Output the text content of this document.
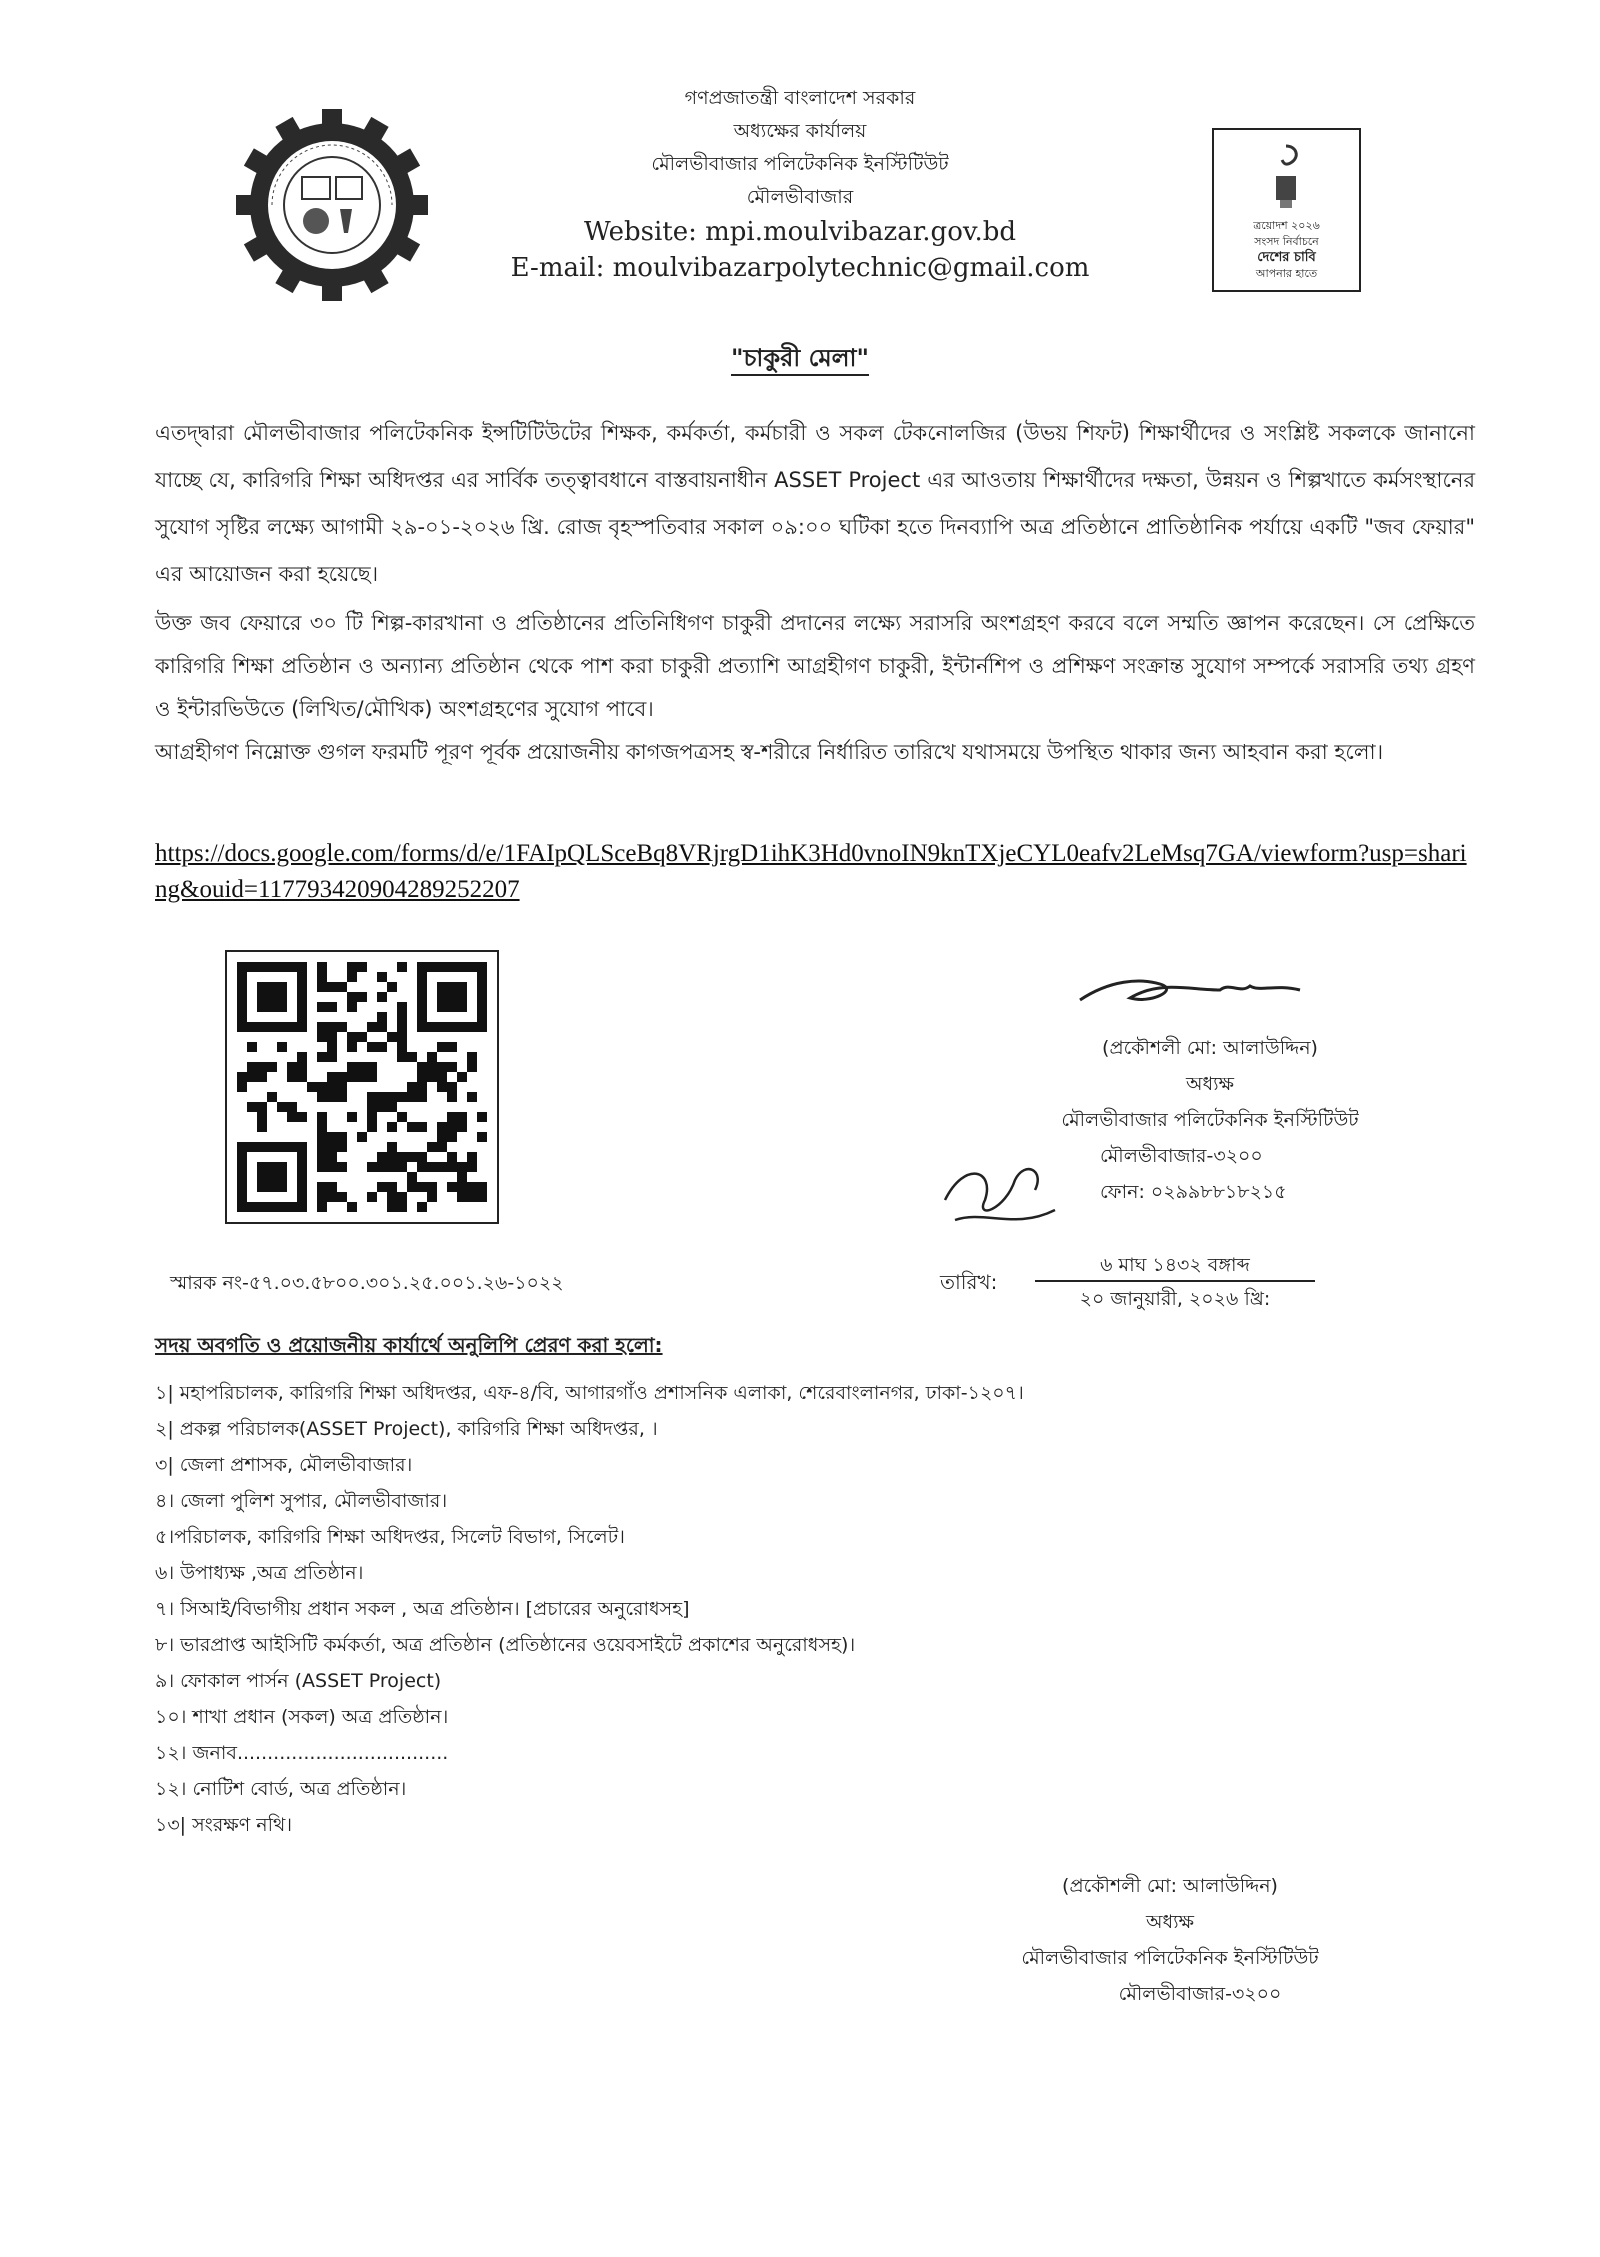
গণপ্রজাতন্ত্রী বাংলাদেশ সরকার
অধ্যক্ষের কার্যালয়
মৌলভীবাজার পলিটেকনিক ইনস্টিটিউট
মৌলভীবাজার
Website: mpi.moulvibazar.gov.bd
E-mail: moulvibazarpolytechnic@gmail.com
ত্রয়োদশ ২০২৬
সংসদ নির্বাচনে
দেশের চাবি
আপনার হাতে
"চাকুরী মেলা"
এতদ্দ্বারা মৌলভীবাজার পলিটেকনিক ইন্সটিটিউটের শিক্ষক, কর্মকর্তা, কর্মচারী ও সকল টেকনোলজির (উভয় শিফট) শিক্ষার্থীদের ও সংশ্লিষ্ট সকলকে জানানো যাচ্ছে যে, কারিগরি শিক্ষা অধিদপ্তর এর সার্বিক তত্ত্বাবধানে বাস্তবায়নাধীন ASSET Project এর আওতায় শিক্ষার্থীদের দক্ষতা, উন্নয়ন ও শিল্পখাতে কর্মসংস্থানের সুযোগ সৃষ্টির লক্ষ্যে আগামী ২৯-০১-২০২৬ খ্রি. রোজ বৃহস্পতিবার সকাল ০৯:০০ ঘটিকা হতে দিনব্যাপি অত্র প্রতিষ্ঠানে প্রাতিষ্ঠানিক পর্যায়ে একটি "জব ফেয়ার" এর আয়োজন করা হয়েছে।
উক্ত জব ফেয়ারে ৩০ টি শিল্প-কারখানা ও প্রতিষ্ঠানের প্রতিনিধিগণ চাকুরী প্রদানের লক্ষ্যে সরাসরি অংশগ্রহণ করবে বলে সম্মতি জ্ঞাপন করেছেন। সে প্রেক্ষিতে কারিগরি শিক্ষা প্রতিষ্ঠান ও অন্যান্য প্রতিষ্ঠান থেকে পাশ করা চাকুরী প্রত্যাশি আগ্রহীগণ চাকুরী, ইন্টার্নশিপ ও প্রশিক্ষণ সংক্রান্ত সুযোগ সম্পর্কে সরাসরি তথ্য গ্রহণ ও ইন্টারভিউতে (লিখিত/মৌখিক) অংশগ্রহণের সুযোগ পাবে।
আগ্রহীগণ নিম্নোক্ত গুগল ফরমটি পূরণ পূর্বক প্রয়োজনীয় কাগজপত্রসহ স্ব-শরীরে নির্ধারিত তারিখে যথাসময়ে উপস্থিত থাকার জন্য আহবান করা হলো।
https://docs.google.com/forms/d/e/1FAIpQLSceBq8VRjrgD1ihK3Hd0vnoIN9knTXjeCYL0eafv2LeMsq7GA/viewform?usp=sharing&ouid=117793420904289252207
(প্রকৌশলী মো: আলাউদ্দিন)
অধ্যক্ষ
মৌলভীবাজার পলিটেকনিক ইনস্টিটিউট
মৌলভীবাজার-৩২০০
ফোন: ০২৯৯৮৮১৮২১৫
স্মারক নং-৫৭.০৩.৫৮০০.৩০১.২৫.০০১.২৬-১০২২	তারিখ:
৬ মাঘ ১৪৩২ বঙ্গাব্দ
২০ জানুয়ারী, ২০২৬ খ্রি:
সদয় অবগতি ও প্রয়োজনীয় কার্যার্থে অনুলিপি প্রেরণ করা হলো:
১| মহাপরিচালক, কারিগরি শিক্ষা অধিদপ্তর, এফ-৪/বি, আগারগাঁও প্রশাসনিক এলাকা, শেরেবাংলানগর, ঢাকা-১২০৭।
২| প্রকল্প পরিচালক(ASSET Project), কারিগরি শিক্ষা অধিদপ্তর, ।
৩| জেলা প্রশাসক, মৌলভীবাজার।
৪। জেলা পুলিশ সুপার, মৌলভীবাজার।
৫।পরিচালক, কারিগরি শিক্ষা অধিদপ্তর, সিলেট বিভাগ, সিলেট।
৬। উপাধ্যক্ষ ,অত্র প্রতিষ্ঠান।
৭। সিআই/বিভাগীয় প্রধান সকল , অত্র প্রতিষ্ঠান। [প্রচারের অনুরোধসহ]
৮। ভারপ্রাপ্ত আইসিটি কর্মকর্তা, অত্র প্রতিষ্ঠান (প্রতিষ্ঠানের ওয়েবসাইটে প্রকাশের অনুরোধসহ)।
৯। ফোকাল পার্সন (ASSET Project)
১০। শাখা প্রধান (সকল) অত্র প্রতিষ্ঠান।
১২। জনাব...................................
১২। নোটিশ বোর্ড, অত্র প্রতিষ্ঠান।
১৩| সংরক্ষণ নথি।
(প্রকৌশলী মো: আলাউদ্দিন)
অধ্যক্ষ
মৌলভীবাজার পলিটেকনিক ইনস্টিটিউট
মৌলভীবাজার-৩২০০
